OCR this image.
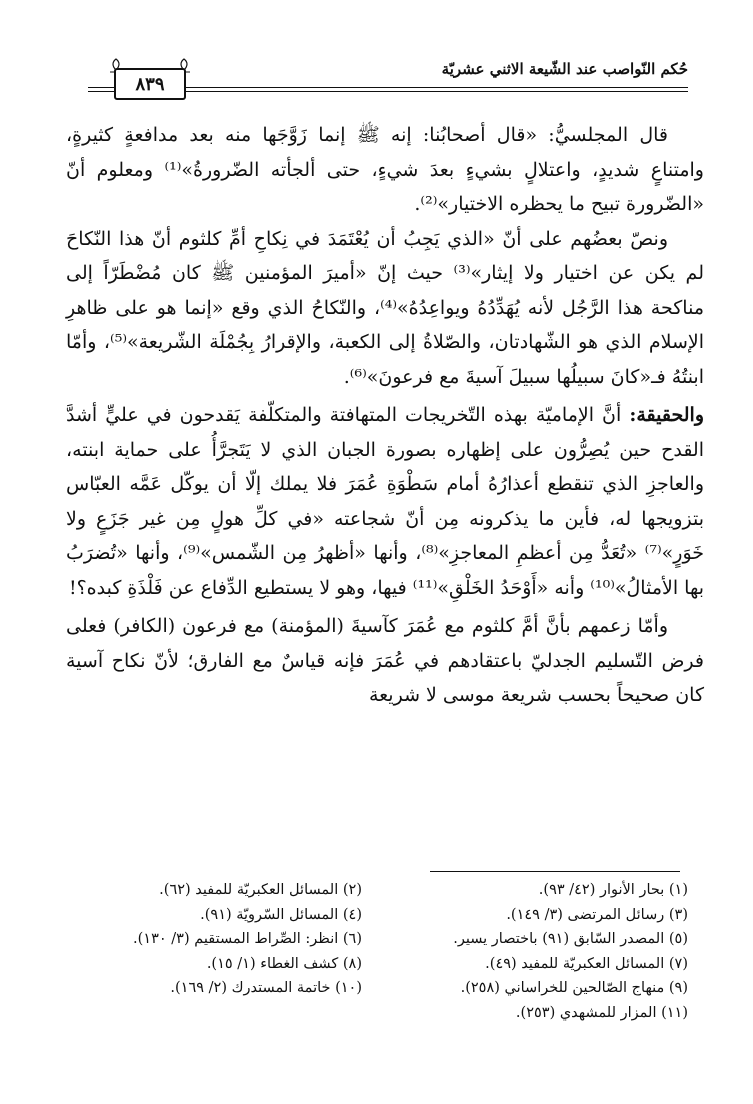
حُكم النّواصب عند الشّيعة الاثني عشريّة
٨٣٩

قال المجلسيُّ: «قال أصحابُنا: إنه ﷺ إنما زَوَّجَها منه بعد مدافعةٍ كثيرةٍ، وامتناعٍ شديدٍ، واعتلالٍ بشيءٍ بعدَ شيءٍ، حتى ألجأته الضّرورةُ»⁽¹⁾ ومعلوم أنّ «الضّرورة تبيح ما يحظره الاختيار»⁽²⁾.

ونصّ بعضُهم على أنّ «الذي يَجِبُ أن يُعْتَمَدَ في نِكاحِ أمِّ كلثوم أنّ هذا النّكاحَ لم يكن عن اختيار ولا إيثار»⁽³⁾ حيث إنّ «أميرَ المؤمنين ﷺ كان مُضْطَرّاً إلى مناكحة هذا الرَّجُل لأنه يُهَدِّدُهُ ويواعِدُهُ»⁽⁴⁾، والنّكاحُ الذي وقع «إنما هو على ظاهرِ الإسلام الذي هو الشّهادتان، والصّلاةُ إلى الكعبة، والإقرارُ بِجُمْلَة الشّريعة»⁽⁵⁾، وأمّا ابنتُهُ فـ«كانَ سبيلُها سبيلَ آسيةَ مع فرعونَ»⁽⁶⁾.

والحقيقة: أنَّ الإماميّة بهذه التّخريجات المتهافتة والمتكلّفة يَقدحون في عليٍّ أشدَّ القدح حين يُصِرُّون على إظهاره بصورة الجبان الذي لا يَتَجرَّأُ على حماية ابنته، والعاجزِ الذي تنقطع أعذارُهُ أمام سَطْوَةِ عُمَرَ فلا يملك إلّا أن يوكّل عَمَّه العبّاس بتزويجها له، فأين ما يذكرونه مِن أنّ شجاعته «في كلِّ هولٍ مِن غير جَزَعٍ ولا خَوَرٍ»⁽⁷⁾ «تُعَدُّ مِن أعظمِ المعاجزِ»⁽⁸⁾، وأنها «أظهرُ مِن الشّمس»⁽⁹⁾، وأنها «تُضرَبُ بها الأمثالُ»⁽¹⁰⁾ وأنه «أَوْحَدُ الخَلْقِ»⁽¹¹⁾ فيها، وهو لا يستطيع الدِّفاع عن فَلْذَةِ كبده؟!

وأمّا زعمهم بأنَّ أمَّ كلثوم مع عُمَرَ كآسيةَ (المؤمنة) مع فرعون (الكافر) فعلى فرض التّسليم الجدليّ باعتقادهم في عُمَرَ فإنه قياسٌ مع الفارق؛ لأنّ نكاح آسية كان صحيحاً بحسب شريعة موسى لا شريعة

(١) بحار الأنوار (٤٢/ ٩٣).
(٢) المسائل العكبريّة للمفيد (٦٢).
(٣) رسائل المرتضى (٣/ ١٤٩).
(٤) المسائل السّرويّة (٩١).
(٥) المصدر السّابق (٩١) باختصار يسير.
(٦) انظر: الصِّراط المستقيم (٣/ ١٣٠).
(٧) المسائل العكبريّة للمفيد (٤٩).
(٨) كشف الغطاء (١/ ١٥).
(٩) منهاج الصّالحين للخراساني (٢٥٨).
(١٠) خاتمة المستدرك (٢/ ١٦٩).
(١١) المزار للمشهدي (٢٥٣).
